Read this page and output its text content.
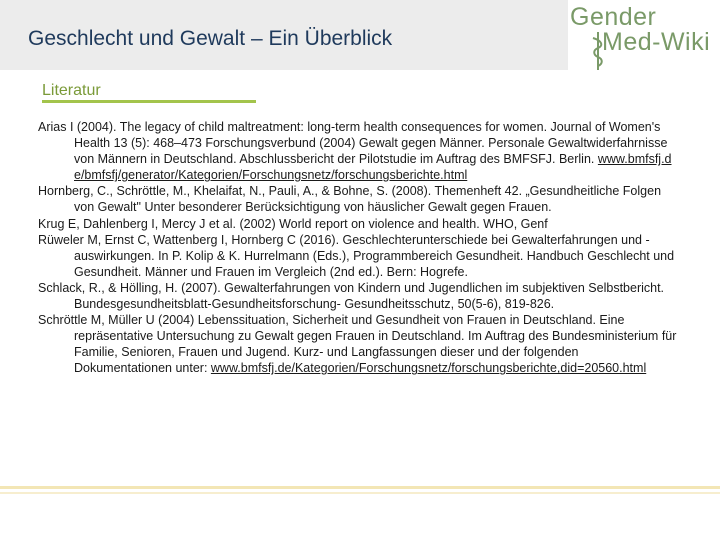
Geschlecht und Gewalt – Ein Überblick
Gender
Med-Wiki
Literatur

Arias I (2004). The legacy of child maltreatment: long-term health consequences for women. Journal of Women's Health 13 (5): 468–473 Forschungsverbund (2004) Gewalt gegen Männer. Personale Gewaltwiderfahrnisse von Männern in Deutschland. Abschlussbericht der Pilotstudie im Auftrag des BMFSFJ. Berlin. www.bmfsfj.de/bmfsfj/generator/Kategorien/Forschungsnetz/forschungsberichte.html

Hornberg, C., Schröttle, M., Khelaifat, N., Pauli, A., & Bohne, S. (2008). Themenheft 42. „Gesundheitliche Folgen von Gewalt" Unter besonderer Berücksichtigung von häuslicher Gewalt gegen Frauen.

Krug E, Dahlenberg I, Mercy J et al. (2002) World report on violence and health. WHO, Genf

Rüweler M, Ernst C, Wattenberg I, Hornberg C (2016). Geschlechterunterschiede bei Gewalterfahrungen und -auswirkungen. In P. Kolip & K. Hurrelmann (Eds.), Programmbereich Gesundheit. Handbuch Geschlecht und Gesundheit. Männer und Frauen im Vergleich (2nd ed.). Bern: Hogrefe.

Schlack, R., & Hölling, H. (2007). Gewalterfahrungen von Kindern und Jugendlichen im subjektiven Selbstbericht. Bundesgesundheitsblatt-Gesundheitsforschung- Gesundheitsschutz, 50(5-6), 819-826.

Schröttle M, Müller U (2004) Lebenssituation, Sicherheit und Gesundheit von Frauen in Deutschland. Eine repräsentative Untersuchung zu Gewalt gegen Frauen in Deutschland. Im Auftrag des Bundesministerium für Familie, Senioren, Frauen und Jugend. Kurz- und Langfassungen dieser und der folgenden Dokumentationen unter: www.bmfsfj.de/Kategorien/Forschungsnetz/forschungsberichte,did=20560.html
